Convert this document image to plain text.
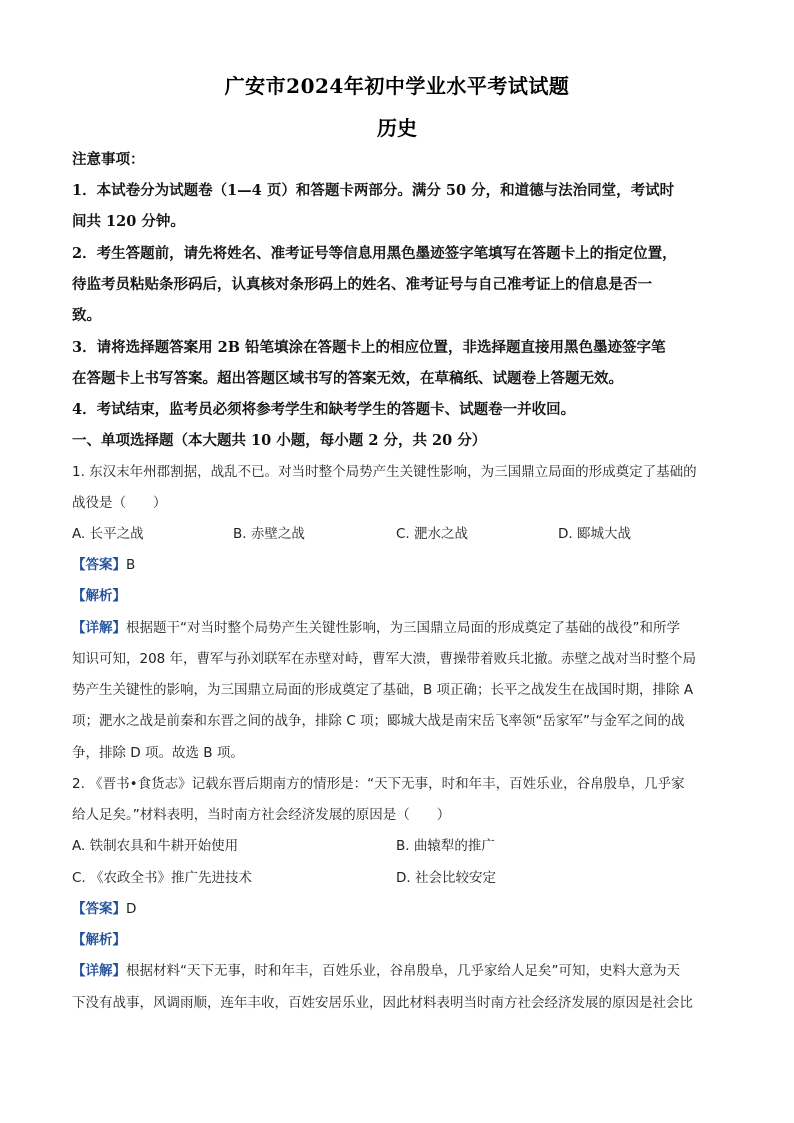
广安市2024年初中学业水平考试试题
历史
注意事项：
1．本试卷分为试题卷（1—4 页）和答题卡两部分。满分 50 分，和道德与法治同堂，考试时
间共 120 分钟。
2．考生答题前，请先将姓名、准考证号等信息用黑色墨迹签字笔填写在答题卡上的指定位置，
待监考员粘贴条形码后，认真核对条形码上的姓名、准考证号与自己准考证上的信息是否一
致。
3．请将选择题答案用 2B 铅笔填涂在答题卡上的相应位置，非选择题直接用黑色墨迹签字笔
在答题卡上书写答案。超出答题区域书写的答案无效，在草稿纸、试题卷上答题无效。
4．考试结束，监考员必须将参考学生和缺考学生的答题卡、试题卷一并收回。
一、单项选择题（本大题共 10 小题，每小题 2 分，共 20 分）
1. 东汉末年州郡割据，战乱不已。对当时整个局势产生关键性影响，为三国鼎立局面的形成奠定了基础的
战役是（　　）
A. 长平之战	B. 赤壁之战	C. 淝水之战	D. 郾城大战
【答案】B
【解析】
【详解】根据题干“对当时整个局势产生关键性影响，为三国鼎立局面的形成奠定了基础的战役”和所学
知识可知，208 年，曹军与孙刘联军在赤壁对峙，曹军大溃，曹操带着败兵北撤。赤壁之战对当时整个局
势产生关键性的影响，为三国鼎立局面的形成奠定了基础，B 项正确；长平之战发生在战国时期，排除 A
项；淝水之战是前秦和东晋之间的战争，排除 C 项；郾城大战是南宋岳飞率领“岳家军”与金军之间的战
争，排除 D 项。故选 B 项。
2. 《晋书•食货志》记载东晋后期南方的情形是：“天下无事，时和年丰，百姓乐业，谷帛殷阜，几乎家
给人足矣。”材料表明，当时南方社会经济发展的原因是（　　）
A. 铁制农具和牛耕开始使用	B. 曲辕犁的推广
C. 《农政全书》推广先进技术	D. 社会比较安定
【答案】D
【解析】
【详解】根据材料“天下无事，时和年丰，百姓乐业，谷帛殷阜，几乎家给人足矣”可知，史料大意为天
下没有战事，风调雨顺，连年丰收，百姓安居乐业，因此材料表明当时南方社会经济发展的原因是社会比
